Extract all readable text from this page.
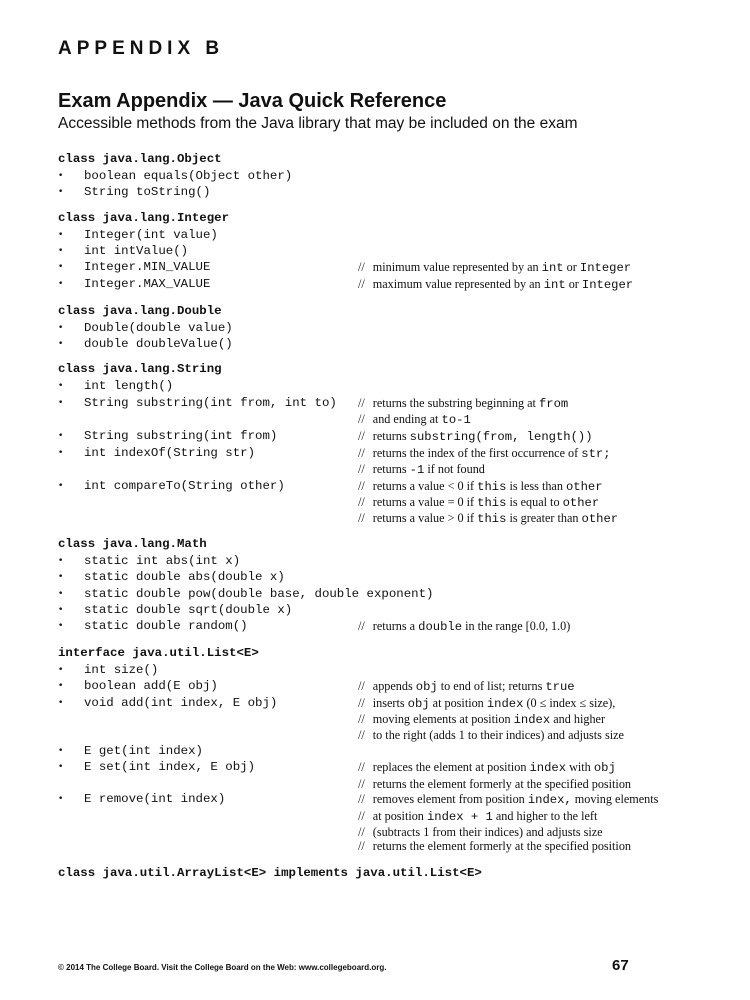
APPENDIX B
Exam Appendix — Java Quick Reference
Accessible methods from the Java library that may be included on the exam
class java.lang.Object
•	boolean equals(Object other)
•	String toString()
class java.lang.Integer
•	Integer(int value)
•	int intValue()
•	Integer.MIN_VALUE	// minimum value represented by an int or Integer
•	Integer.MAX_VALUE	// maximum value represented by an int or Integer
class java.lang.Double
•	Double(double value)
•	double doubleValue()
class java.lang.String
•	int length()
•	String substring(int from, int to)	// returns the substring beginning at from
// and ending at to-1
•	String substring(int from)	// returns substring(from, length())
•	int indexOf(String str)	// returns the index of the first occurrence of str;
// returns -1 if not found
•	int compareTo(String other)	// returns a value < 0 if this is less than other
// returns a value = 0 if this is equal to other
// returns a value > 0 if this is greater than other
class java.lang.Math
•	static int abs(int x)
•	static double abs(double x)
•	static double pow(double base, double exponent)
•	static double sqrt(double x)
•	static double random()	// returns a double in the range [0.0, 1.0)
interface java.util.List<E>
•	int size()
•	boolean add(E obj)	// appends obj to end of list; returns true
•	void add(int index, E obj)	// inserts obj at position index (0 ≤ index ≤ size),
// moving elements at position index and higher
// to the right (adds 1 to their indices) and adjusts size
•	E get(int index)
•	E set(int index, E obj)	// replaces the element at position index with obj
// returns the element formerly at the specified position
•	E remove(int index)	// removes element from position index, moving elements
// at position index + 1 and higher to the left
// (subtracts 1 from their indices) and adjusts size
// returns the element formerly at the specified position
class java.util.ArrayList<E> implements java.util.List<E>
© 2014 The College Board. Visit the College Board on the Web: www.collegeboard.org.	67
